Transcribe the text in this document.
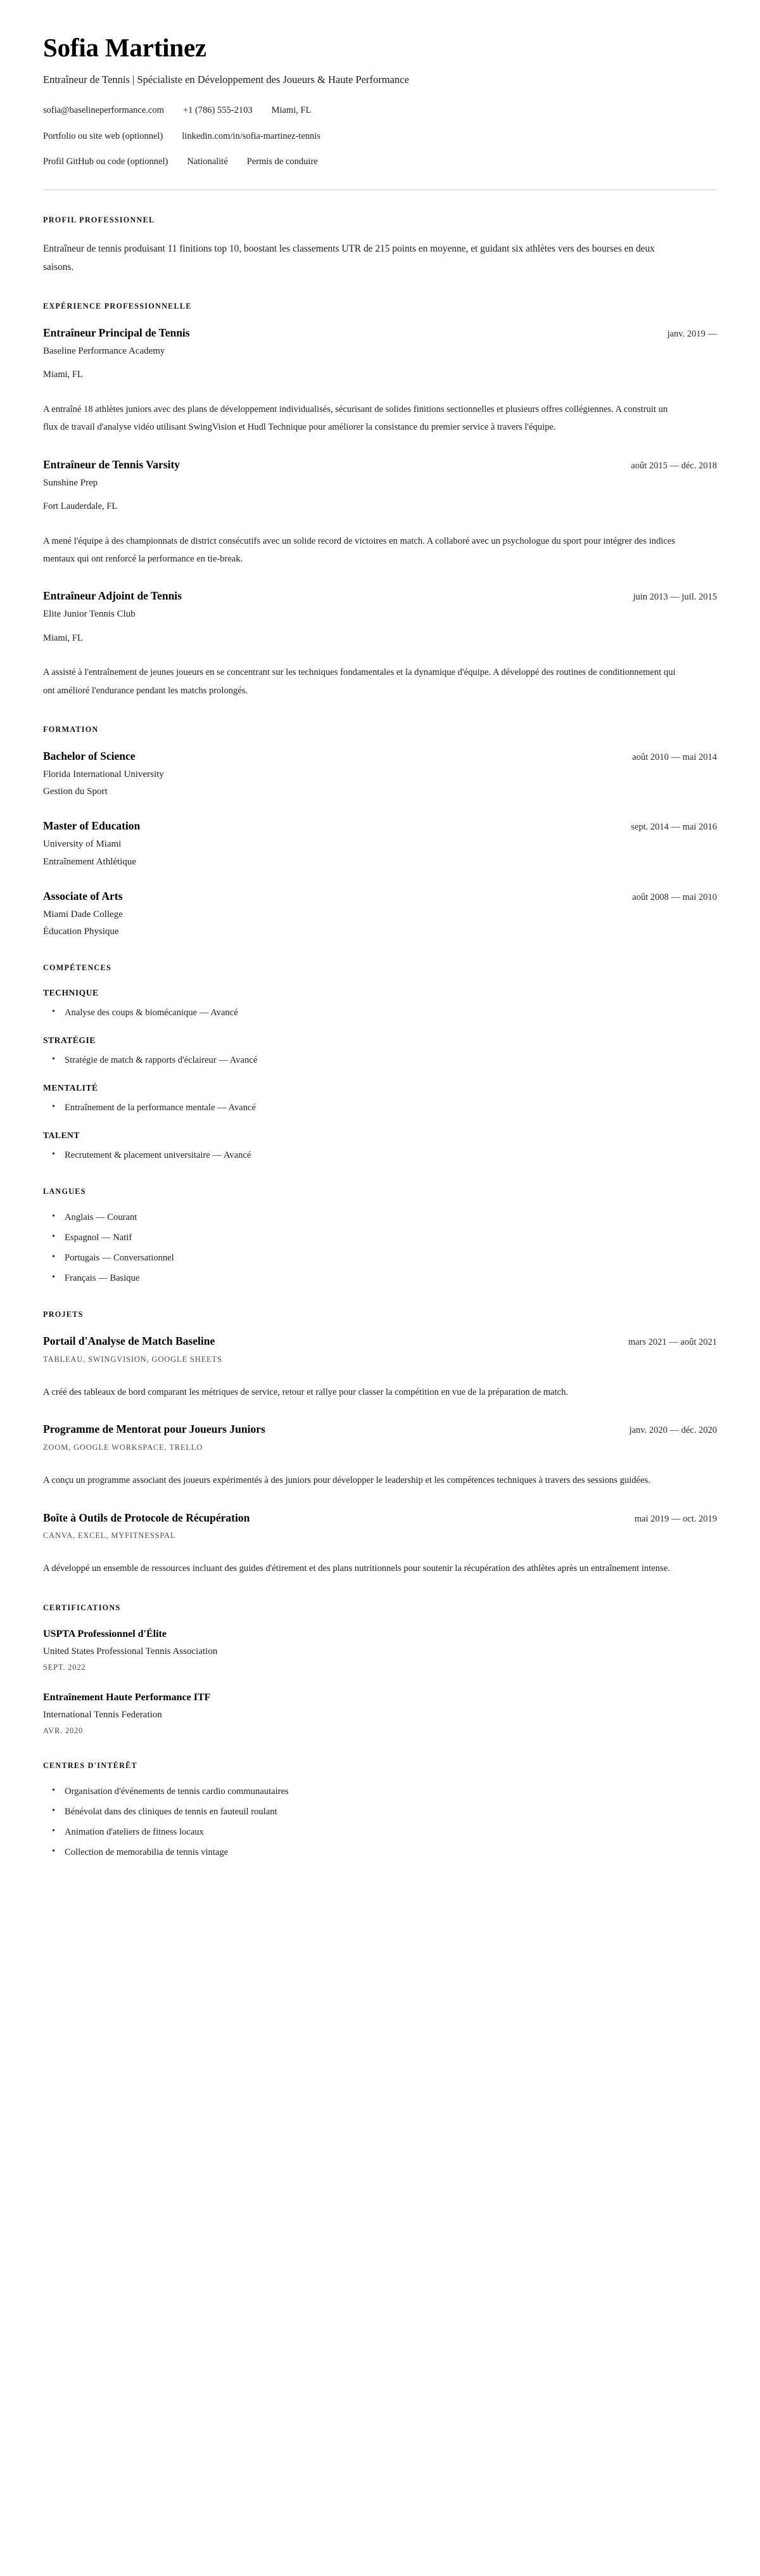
Sofia Martinez

Entraîneur de Tennis | Spécialiste en Développement des Joueurs & Haute Performance

sofia@baselineperformance.com +1 (786) 555-2103 Miami, FL
Portfolio ou site web (optionnel) linkedin.com/in/sofia-martinez-tennis
Profil GitHub ou code (optionnel) Nationalité Permis de conduire
PROFIL PROFESSIONNEL

Entraîneur de tennis produisant 11 finitions top 10, boostant les classements UTR de 215 points en moyenne, et guidant six athlètes vers des bourses en deux saisons.

EXPÉRIENCE PROFESSIONNELLE
Entraîneur Principal de Tennis	janv. 2019 —
Baseline Performance Academy
Miami, FL
A entraîné 18 athlètes juniors avec des plans de développement individualisés, sécurisant de solides finitions sectionnelles et plusieurs offres collégiennes. A construit un flux de travail d'analyse vidéo utilisant SwingVision et Hudl Technique pour améliorer la consistance du premier service à travers l'équipe.
Entraîneur de Tennis Varsity	août 2015 — déc. 2018
Sunshine Prep
Fort Lauderdale, FL
A mené l'équipe à des championnats de district consécutifs avec un solide record de victoires en match. A collaboré avec un psychologue du sport pour intégrer des indices mentaux qui ont renforcé la performance en tie-break.
Entraîneur Adjoint de Tennis	juin 2013 — juil. 2015
Elite Junior Tennis Club
Miami, FL
A assisté à l'entraînement de jeunes joueurs en se concentrant sur les techniques fondamentales et la dynamique d'équipe. A développé des routines de conditionnement qui ont amélioré l'endurance pendant les matchs prolongés.
FORMATION
Bachelor of Science	août 2010 — mai 2014
Florida International University
Gestion du Sport
Master of Education	sept. 2014 — mai 2016
University of Miami
Entraînement Athlétique
Associate of Arts	août 2008 — mai 2010
Miami Dade College
Éducation Physique
COMPÉTENCES
TECHNIQUE
• Analyse des coups & biomécanique — Avancé
STRATÉGIE
• Stratégie de match & rapports d'éclaireur — Avancé
MENTALITÉ
• Entraînement de la performance mentale — Avancé
TALENT
• Recrutement & placement universitaire — Avancé
LANGUES
• Anglais — Courant
• Espagnol — Natif
• Portugais — Conversationnel
• Français — Basique
PROJETS
Portail d'Analyse de Match Baseline	mars 2021 — août 2021
TABLEAU, SWINGVISION, GOOGLE SHEETS
A créé des tableaux de bord comparant les métriques de service, retour et rallye pour classer la compétition en vue de la préparation de match.
Programme de Mentorat pour Joueurs Juniors	janv. 2020 — déc. 2020
ZOOM, GOOGLE WORKSPACE, TRELLO
A conçu un programme associant des joueurs expérimentés à des juniors pour développer le leadership et les compétences techniques à travers des sessions guidées.
Boîte à Outils de Protocole de Récupération	mai 2019 — oct. 2019
CANVA, EXCEL, MYFITNESSPAL
A développé un ensemble de ressources incluant des guides d'étirement et des plans nutritionnels pour soutenir la récupération des athlètes après un entraînement intense.
CERTIFICATIONS
USPTA Professionnel d'Élite
United States Professional Tennis Association
SEPT. 2022
Entraînement Haute Performance ITF
International Tennis Federation
AVR. 2020
CENTRES D'INTÉRÊT
• Organisation d'événements de tennis cardio communautaires
• Bénévolat dans des cliniques de tennis en fauteuil roulant
• Animation d'ateliers de fitness locaux
• Collection de memorabilia de tennis vintage
